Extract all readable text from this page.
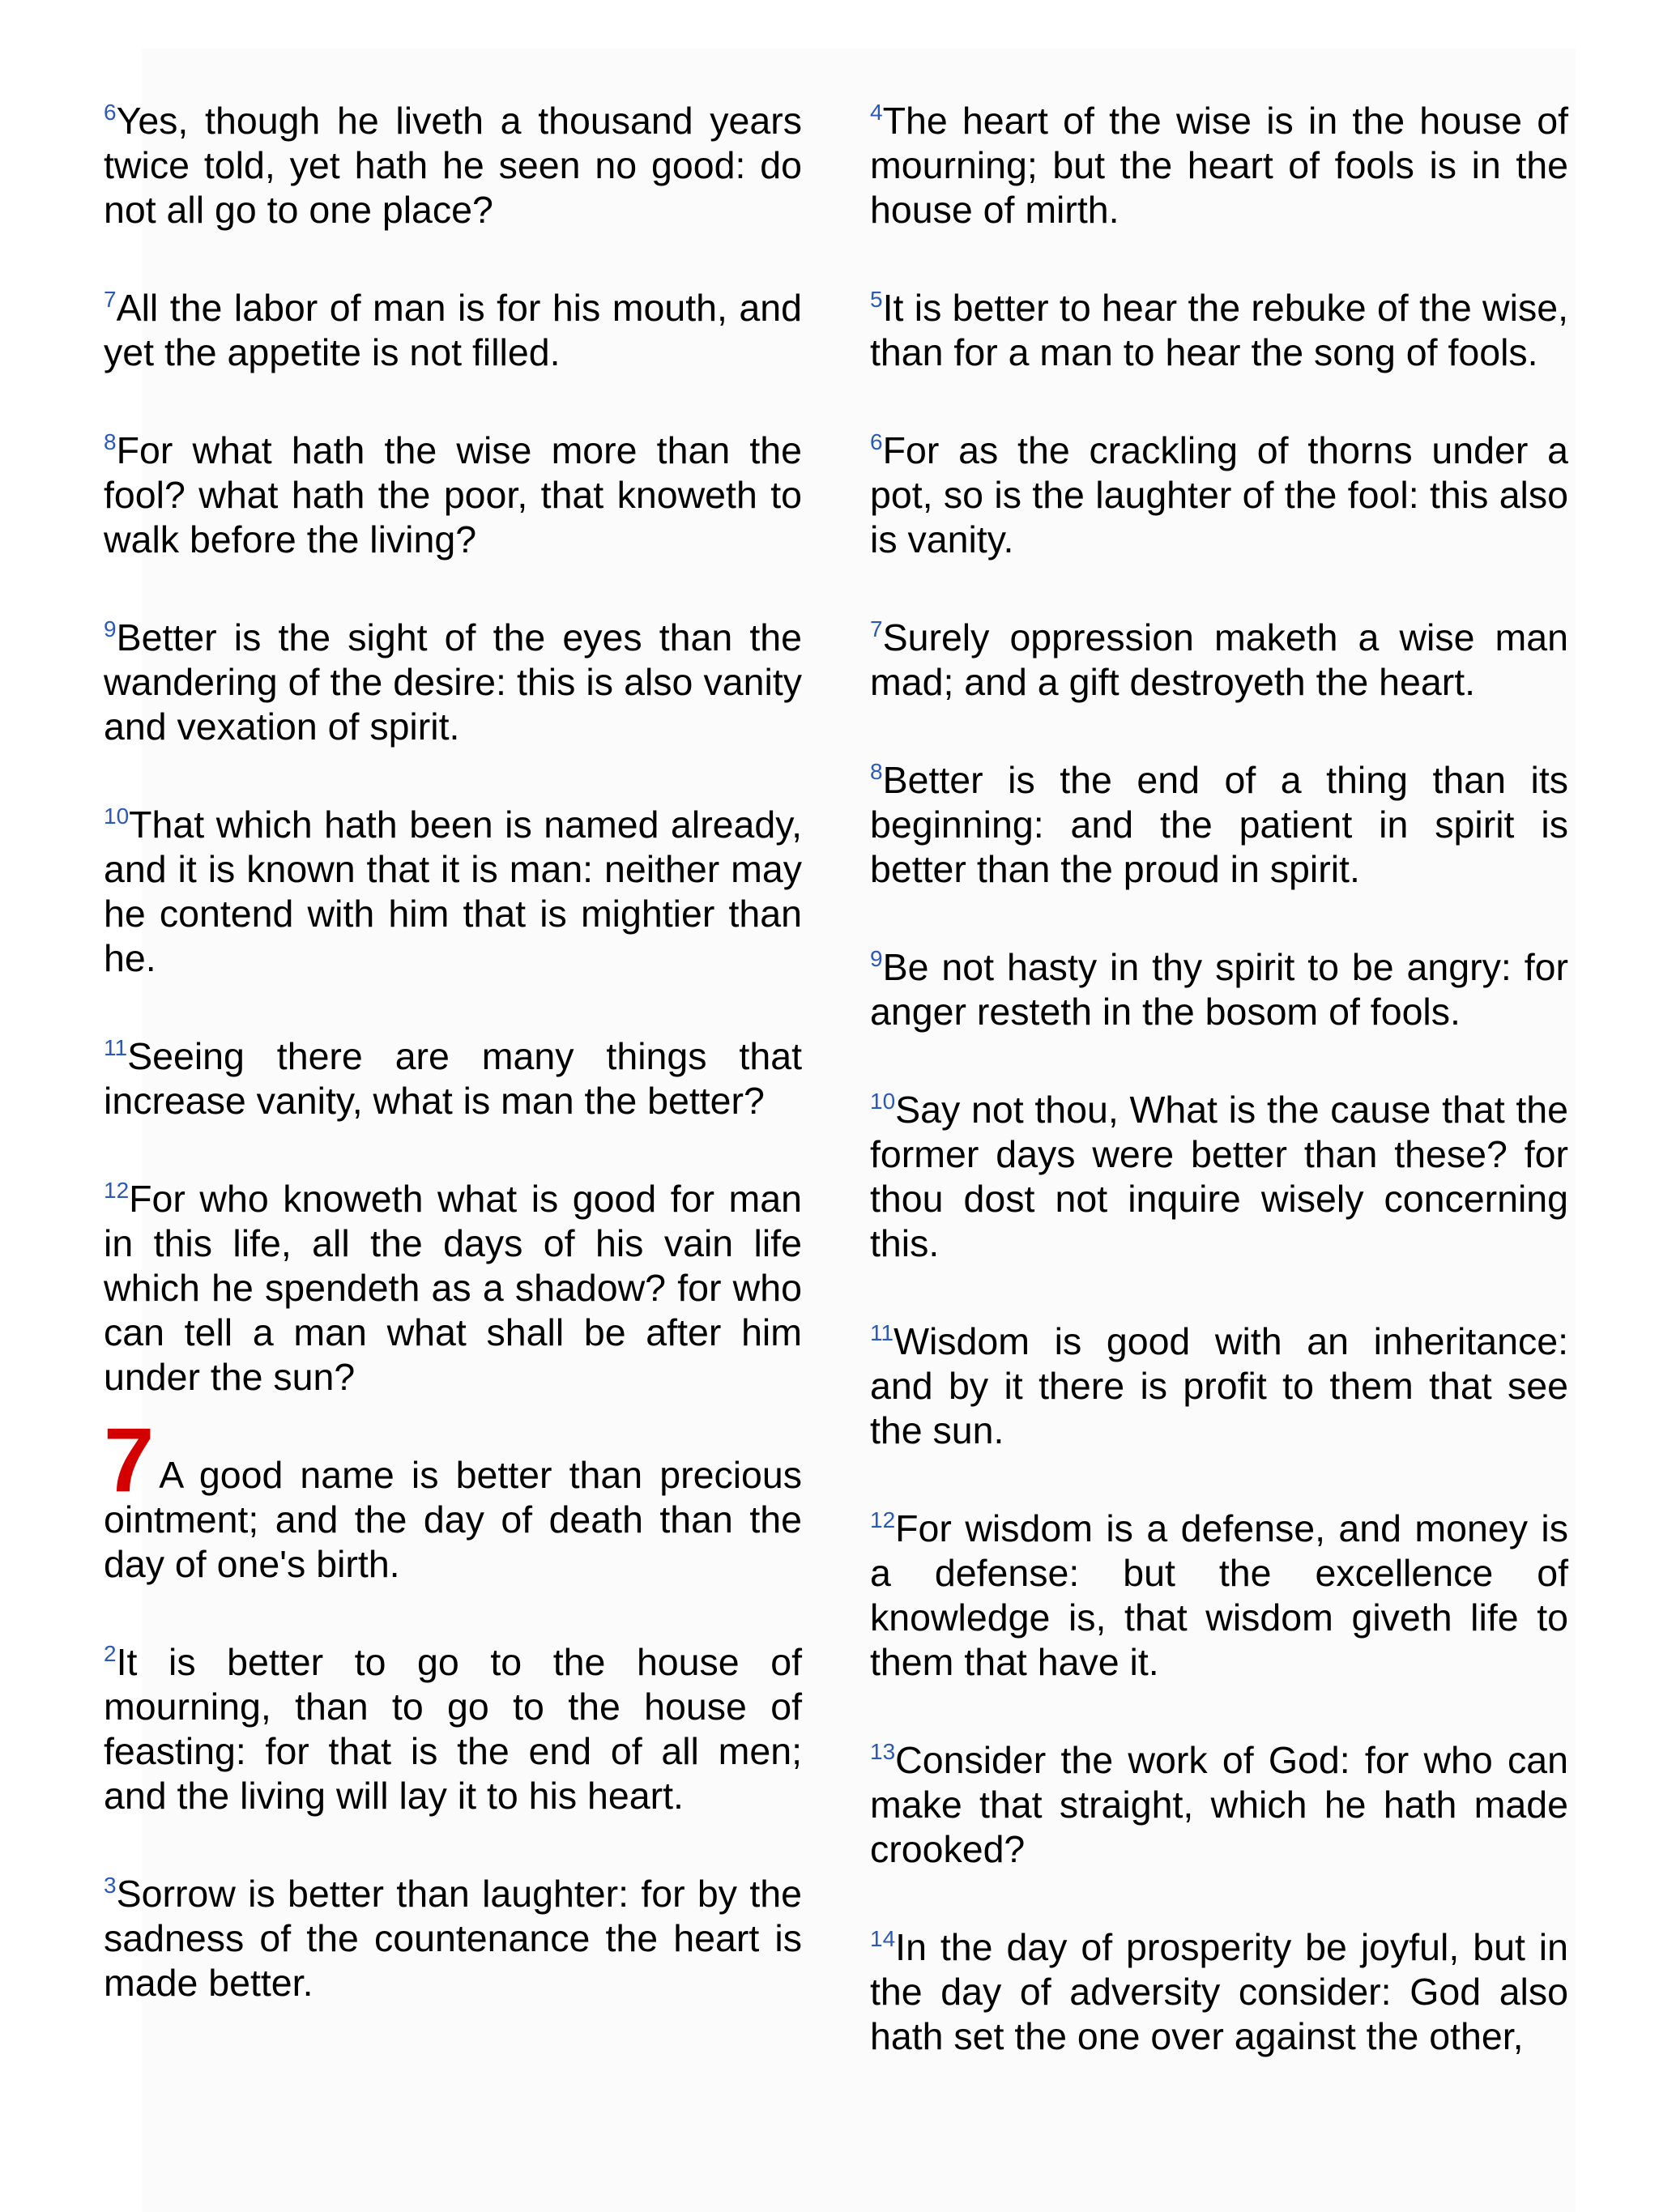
$^6$Yes, though he liveth a thousand years twice told, yet hath he seen no good: do not all go to one place?

$^7$All the labor of man is for his mouth, and yet the appetite is not filled.

$^8$For what hath the wise more than the fool? what hath the poor, that knoweth to walk before the living?

$^9$Better is the sight of the eyes than the wandering of the desire: this is also vanity and vexation of spirit.

$^{10}$That which hath been is named already, and it is known that it is man: neither may he contend with him that is mightier than he.

$^{11}$Seeing there are many things that increase vanity, what is man the better?

$^{12}$For who knoweth what is good for man in this life, all the days of his vain life which he spendeth as a shadow? for who can tell a man what shall be after him under the sun?

7 A good name is better than precious ointment; and the day of death than the day of one's birth.

$^2$It is better to go to the house of mourning, than to go to the house of feasting: for that is the end of all men; and the living will lay it to his heart.

$^3$Sorrow is better than laughter: for by the sadness of the countenance the heart is made better.

$^4$The heart of the wise is in the house of mourning; but the heart of fools is in the house of mirth.

$^5$It is better to hear the rebuke of the wise, than for a man to hear the song of fools.

$^6$For as the crackling of thorns under a pot, so is the laughter of the fool: this also is vanity.

$^7$Surely oppression maketh a wise man mad; and a gift destroyeth the heart.

$^8$Better is the end of a thing than its beginning: and the patient in spirit is better than the proud in spirit.

$^9$Be not hasty in thy spirit to be angry: for anger resteth in the bosom of fools.

$^{10}$Say not thou, What is the cause that the former days were better than these? for thou dost not inquire wisely concerning this.

$^{11}$Wisdom is good with an inheritance: and by it there is profit to them that see the sun.

$^{12}$For wisdom is a defense, and money is a defense: but the excellence of knowledge is, that wisdom giveth life to them that have it.

$^{13}$Consider the work of God: for who can make that straight, which he hath made crooked?

$^{14}$In the day of prosperity be joyful, but in the day of adversity consider: God also hath set the one over against the other,
